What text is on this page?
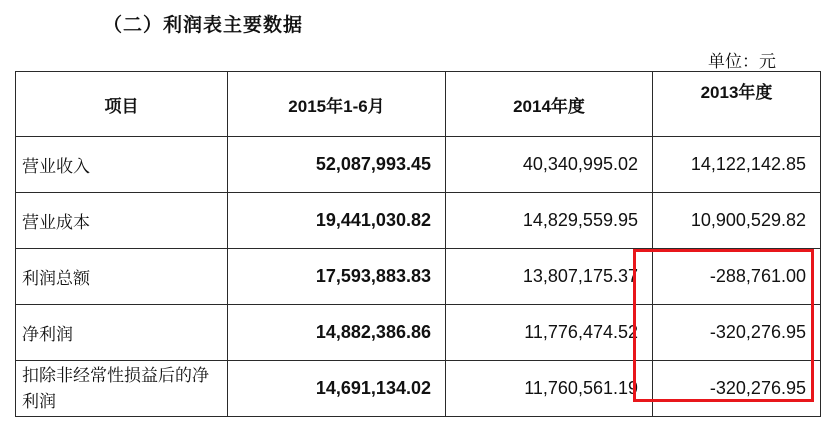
（二）利润表主要数据
单位：元
项目	2015年1-6月	2014年度	2013年度
营业收入	52,087,993.45	40,340,995.02	14,122,142.85
营业成本	19,441,030.82	14,829,559.95	10,900,529.82
利润总额	17,593,883.83	13,807,175.37	-288,761.00
净利润	14,882,386.86	11,776,474.52	-320,276.95
扣除非经常性损益后的净利润	14,691,134.02	11,760,561.19	-320,276.95
